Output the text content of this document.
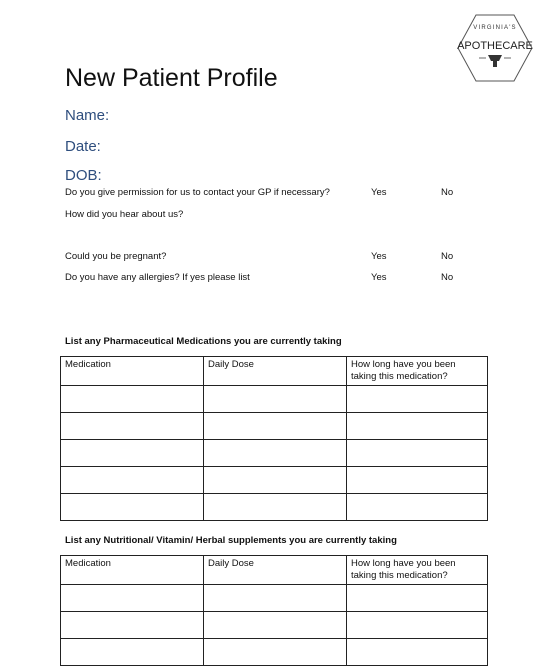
VIRGINIA'S
APOTHECARE
New Patient Profile
Name:
Date:
DOB:
Do you give permission for us to contact your GP if necessary?	Yes	No
How did you hear about us?
Could you be pregnant?	Yes	No
Do you have any allergies? If yes please list	Yes	No
List any Pharmaceutical Medications you are currently taking
Medication	Daily Dose	How long have you been taking this medication?

List any Nutritional/ Vitamin/ Herbal supplements you are currently taking
Medication	Daily Dose	How long have you been taking this medication?
